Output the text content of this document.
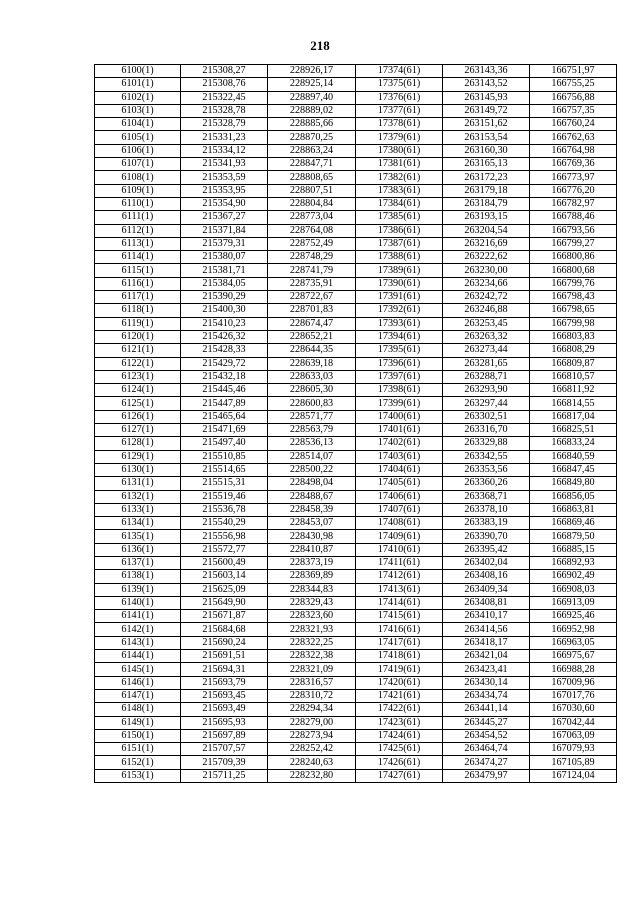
218
6100(1)	215308,27	228926,17	17374(61)	263143,36	166751,97
6101(1)	215308,76	228925,14	17375(61)	263143,52	166755,25
6102(1)	215322,45	228897,40	17376(61)	263145,93	166756,88
6103(1)	215328,78	228889,02	17377(61)	263149,72	166757,35
6104(1)	215328,79	228885,66	17378(61)	263151,62	166760,24
6105(1)	215331,23	228870,25	17379(61)	263153,54	166762,63
6106(1)	215334,12	228863,24	17380(61)	263160,30	166764,98
6107(1)	215341,93	228847,71	17381(61)	263165,13	166769,36
6108(1)	215353,59	228808,65	17382(61)	263172,23	166773,97
6109(1)	215353,95	228807,51	17383(61)	263179,18	166776,20
6110(1)	215354,90	228804,84	17384(61)	263184,79	166782,97
6111(1)	215367,27	228773,04	17385(61)	263193,15	166788,46
6112(1)	215371,84	228764,08	17386(61)	263204,54	166793,56
6113(1)	215379,31	228752,49	17387(61)	263216,69	166799,27
6114(1)	215380,07	228748,29	17388(61)	263222,62	166800,86
6115(1)	215381,71	228741,79	17389(61)	263230,00	166800,68
6116(1)	215384,05	228735,91	17390(61)	263234,66	166799,76
6117(1)	215390,29	228722,67	17391(61)	263242,72	166798,43
6118(1)	215400,30	228701,83	17392(61)	263246,88	166798,65
6119(1)	215410,23	228674,47	17393(61)	263253,45	166799,98
6120(1)	215426,32	228652,21	17394(61)	263263,32	166803,83
6121(1)	215428,33	228644,35	17395(61)	263273,44	166808,29
6122(1)	215429,72	228639,18	17396(61)	263281,65	166809,87
6123(1)	215432,18	228633,03	17397(61)	263288,71	166810,57
6124(1)	215445,46	228605,30	17398(61)	263293,90	166811,92
6125(1)	215447,89	228600,83	17399(61)	263297,44	166814,55
6126(1)	215465,64	228571,77	17400(61)	263302,51	166817,04
6127(1)	215471,69	228563,79	17401(61)	263316,70	166825,51
6128(1)	215497,40	228536,13	17402(61)	263329,88	166833,24
6129(1)	215510,85	228514,07	17403(61)	263342,55	166840,59
6130(1)	215514,65	228500,22	17404(61)	263353,56	166847,45
6131(1)	215515,31	228498,04	17405(61)	263360,26	166849,80
6132(1)	215519,46	228488,67	17406(61)	263368,71	166856,05
6133(1)	215536,78	228458,39	17407(61)	263378,10	166863,81
6134(1)	215540,29	228453,07	17408(61)	263383,19	166869,46
6135(1)	215556,98	228430,98	17409(61)	263390,70	166879,50
6136(1)	215572,77	228410,87	17410(61)	263395,42	166885,15
6137(1)	215600,49	228373,19	17411(61)	263402,04	166892,93
6138(1)	215603,14	228369,89	17412(61)	263408,16	166902,49
6139(1)	215625,09	228344,83	17413(61)	263409,34	166908,03
6140(1)	215649,90	228329,43	17414(61)	263408,81	166913,09
6141(1)	215671,87	228323,60	17415(61)	263410,17	166925,46
6142(1)	215684,68	228321,93	17416(61)	263414,56	166952,98
6143(1)	215690,24	228322,25	17417(61)	263418,17	166963,05
6144(1)	215691,51	228322,38	17418(61)	263421,04	166975,67
6145(1)	215694,31	228321,09	17419(61)	263423,41	166988,28
6146(1)	215693,79	228316,57	17420(61)	263430,14	167009,96
6147(1)	215693,45	228310,72	17421(61)	263434,74	167017,76
6148(1)	215693,49	228294,34	17422(61)	263441,14	167030,60
6149(1)	215695,93	228279,00	17423(61)	263445,27	167042,44
6150(1)	215697,89	228273,94	17424(61)	263454,52	167063,09
6151(1)	215707,57	228252,42	17425(61)	263464,74	167079,93
6152(1)	215709,39	228240,63	17426(61)	263474,27	167105,89
6153(1)	215711,25	228232,80	17427(61)	263479,97	167124,04
